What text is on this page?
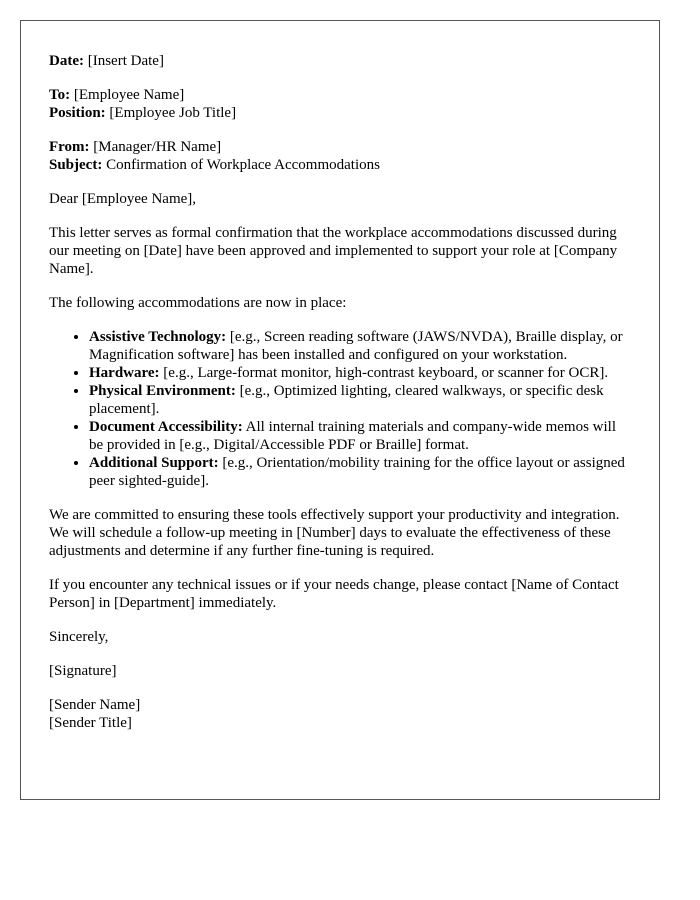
Date: [Insert Date]

To: [Employee Name]
Position: [Employee Job Title]

From: [Manager/HR Name]
Subject: Confirmation of Workplace Accommodations

Dear [Employee Name],

This letter serves as formal confirmation that the workplace accommodations discussed during our meeting on [Date] have been approved and implemented to support your role at [Company Name].

The following accommodations are now in place:

• Assistive Technology: [e.g., Screen reading software (JAWS/NVDA), Braille display, or Magnification software] has been installed and configured on your workstation.
• Hardware: [e.g., Large-format monitor, high-contrast keyboard, or scanner for OCR].
• Physical Environment: [e.g., Optimized lighting, cleared walkways, or specific desk placement].
• Document Accessibility: All internal training materials and company-wide memos will be provided in [e.g., Digital/Accessible PDF or Braille] format.
• Additional Support: [e.g., Orientation/mobility training for the office layout or assigned peer sighted-guide].

We are committed to ensuring these tools effectively support your productivity and integration. We will schedule a follow-up meeting in [Number] days to evaluate the effectiveness of these adjustments and determine if any further fine-tuning is required.

If you encounter any technical issues or if your needs change, please contact [Name of Contact Person] in [Department] immediately.

Sincerely,

[Signature]

[Sender Name]
[Sender Title]
